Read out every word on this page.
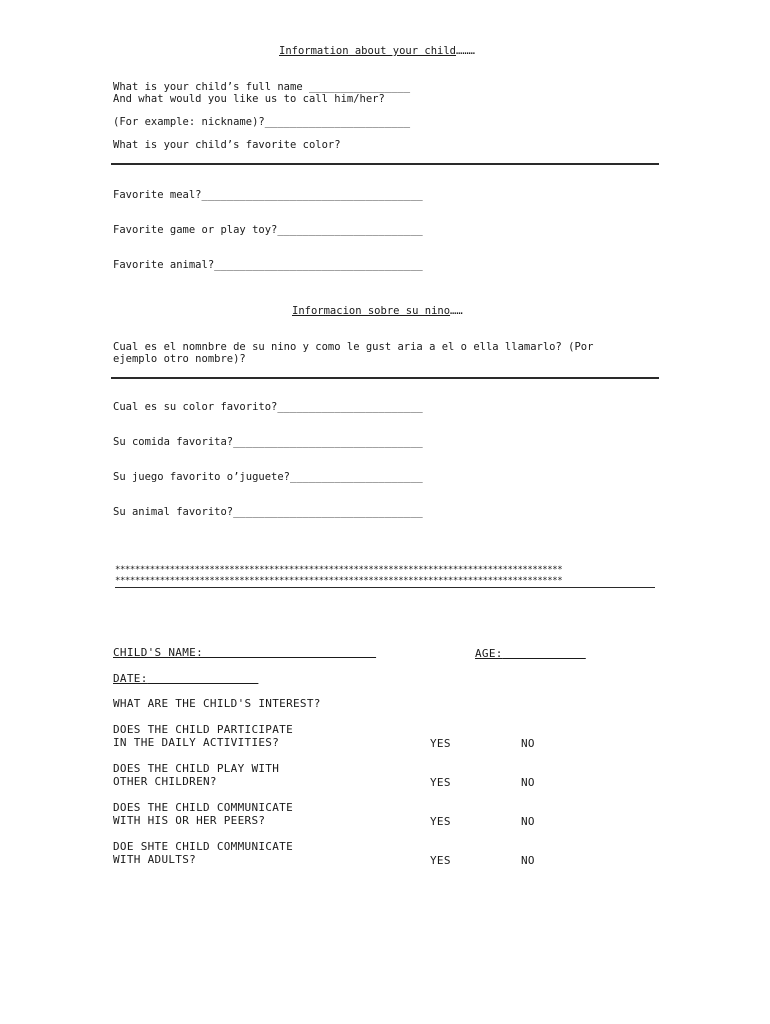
Information about your child………
What is your child’s full name ________________
And what would you like us to call him/her?
(For example: nickname)?_______________________
What is your child’s favorite color?
Favorite meal?___________________________________
Favorite game or play toy?_______________________
Favorite animal?_________________________________
Informacion sobre su nino……
Cual es el nomnbre de su nino y como le gust aria a el o ella llamarlo? (Por
ejemplo otro nombre)?
Cual es su color favorito?_______________________
Su comida favorita?______________________________
Su juego favorito o’juguete?_____________________
Su animal favorito?______________________________
******************************************************************************************
******************************************************************************************
CHILD'S NAME:	AGE:
DATE:
WHAT ARE THE CHILD'S INTEREST?
DOES THE CHILD PARTICIPATE
IN THE DAILY ACTIVITIES?	YES	NO
DOES THE CHILD PLAY WITH
OTHER CHILDREN?	YES	NO
DOES THE CHILD COMMUNICATE
WITH HIS OR HER PEERS?	YES	NO
DOE SHTE CHILD COMMUNICATE
WITH ADULTS?	YES	NO
